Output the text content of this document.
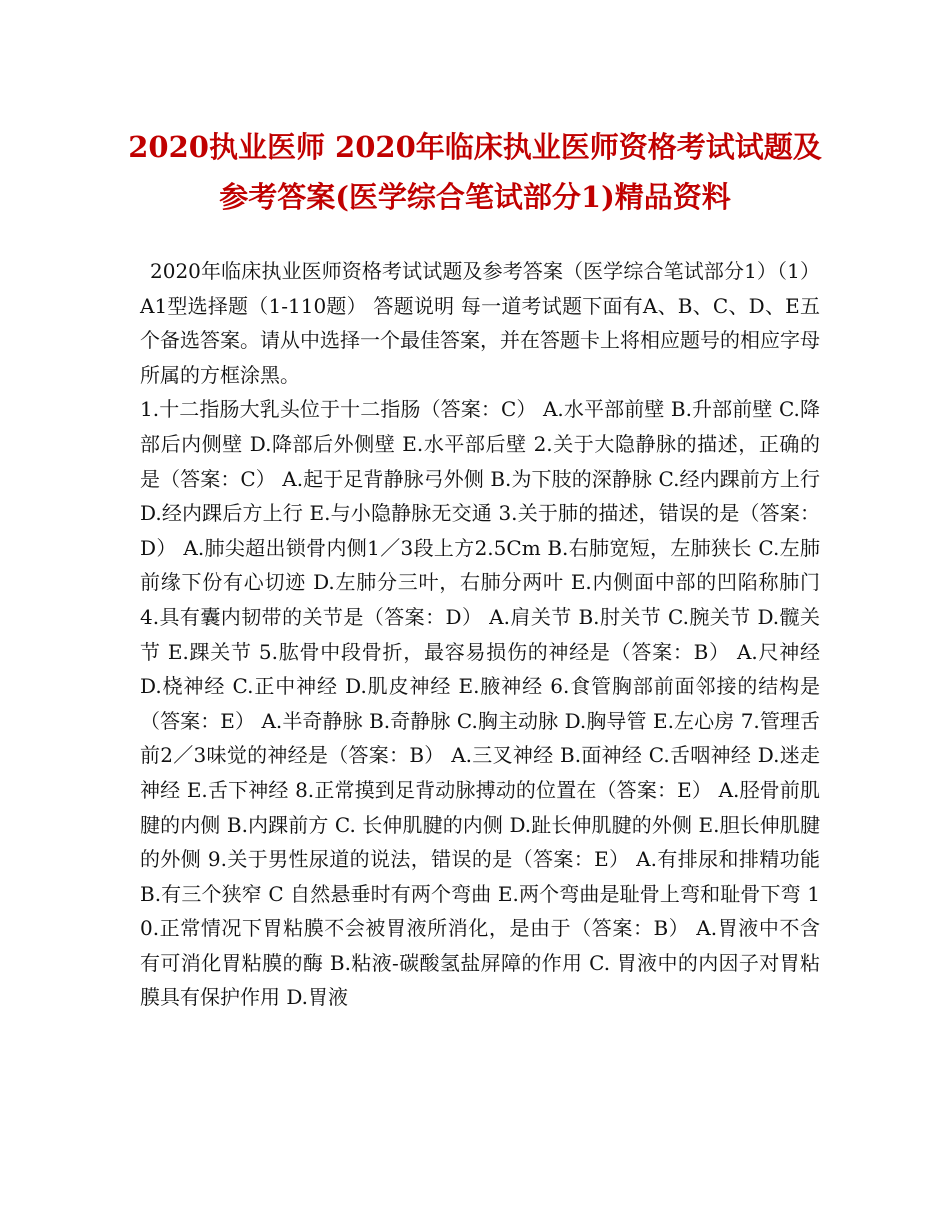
2020执业医师 2020年临床执业医师资格考试试题及参考答案(医学综合笔试部分1)精品资料

2020年临床执业医师资格考试试题及参考答案（医学综合笔试部分1）（1） A1型选择题（1-110题） 答题说明 每一道考试题下面有A、B、C、D、E五个备选答案。请从中选择一个最佳答案，并在答题卡上将相应题号的相应字母所属的方框涂黑。

1.十二指肠大乳头位于十二指肠（答案：C） A.水平部前壁 B.升部前壁 C.降部后内侧壁 D.降部后外侧壁 E.水平部后壁 2.关于大隐静脉的描述，正确的是（答案：C） A.起于足背静脉弓外侧 B.为下肢的深静脉 C.经内踝前方上行 D.经内踝后方上行 E.与小隐静脉无交通 3.关于肺的描述，错误的是（答案：D） A.肺尖超出锁骨内侧1／3段上方2.5Cm B.右肺宽短，左肺狭长 C.左肺前缘下份有心切迹 D.左肺分三叶，右肺分两叶 E.内侧面中部的凹陷称肺门 4.具有囊内韧带的关节是（答案：D） A.肩关节 B.肘关节 C.腕关节 D.髋关节 E.踝关节 5.肱骨中段骨折，最容易损伤的神经是（答案：B） A.尺神经 D.桡神经 C.正中神经 D.肌皮神经 E.腋神经 6.食管胸部前面邻接的结构是（答案：E） A.半奇静脉 B.奇静脉 C.胸主动脉 D.胸导管 E.左心房 7.管理舌前2／3味觉的神经是（答案：B） A.三叉神经 B.面神经 C.舌咽神经 D.迷走神经 E.舌下神经 8.正常摸到足背动脉搏动的位置在（答案：E） A.胫骨前肌腱的内侧 B.内踝前方 C. 长伸肌腱的内侧 D.趾长伸肌腱的外侧 E.胆长伸肌腱的外侧 9.关于男性尿道的说法，错误的是（答案：E） A.有排尿和排精功能 B.有三个狭窄 C 自然悬垂时有两个弯曲 E.两个弯曲是耻骨上弯和耻骨下弯 10.正常情况下胃粘膜不会被胃液所消化，是由于（答案：B） A.胃液中不含有可消化胃粘膜的酶 B.粘液-碳酸氢盐屏障的作用 C. 胃液中的内因子对胃粘膜具有保护作用 D.胃液
